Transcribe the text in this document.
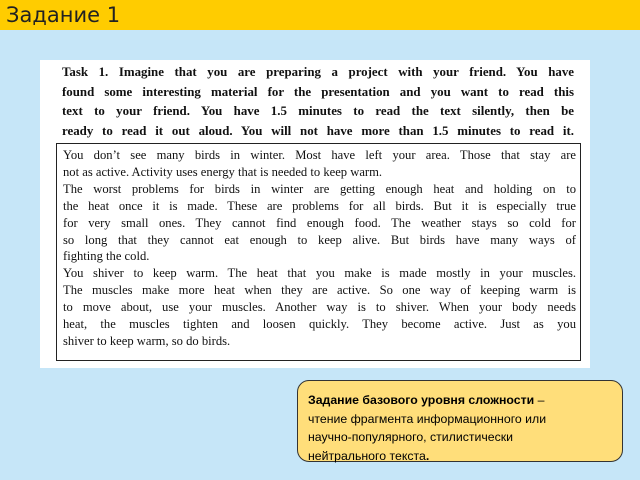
Задание 1
Task 1. Imagine that you are preparing a project with your friend. You have
found some interesting material for the presentation and you want to read this
text to your friend. You have 1.5 minutes to read the text silently, then be
ready to read it out aloud. You will not have more than 1.5 minutes to read it.
You don’t see many birds in winter. Most have left your area. Those that stay are
not as active. Activity uses energy that is needed to keep warm.
The worst problems for birds in winter are getting enough heat and holding on to
the heat once it is made. These are problems for all birds. But it is especially true
for very small ones. They cannot find enough food. The weather stays so cold for
so long that they cannot eat enough to keep alive. But birds have many ways of
fighting the cold.
You shiver to keep warm. The heat that you make is made mostly in your muscles.
The muscles make more heat when they are active. So one way of keeping warm is
to move about, use your muscles. Another way is to shiver. When your body needs
heat, the muscles tighten and loosen quickly. They become active. Just as you
shiver to keep warm, so do birds.
Задание базового уровня сложности –
чтение фрагмента информационного или
научно-популярного, стилистически
нейтрального текста.
